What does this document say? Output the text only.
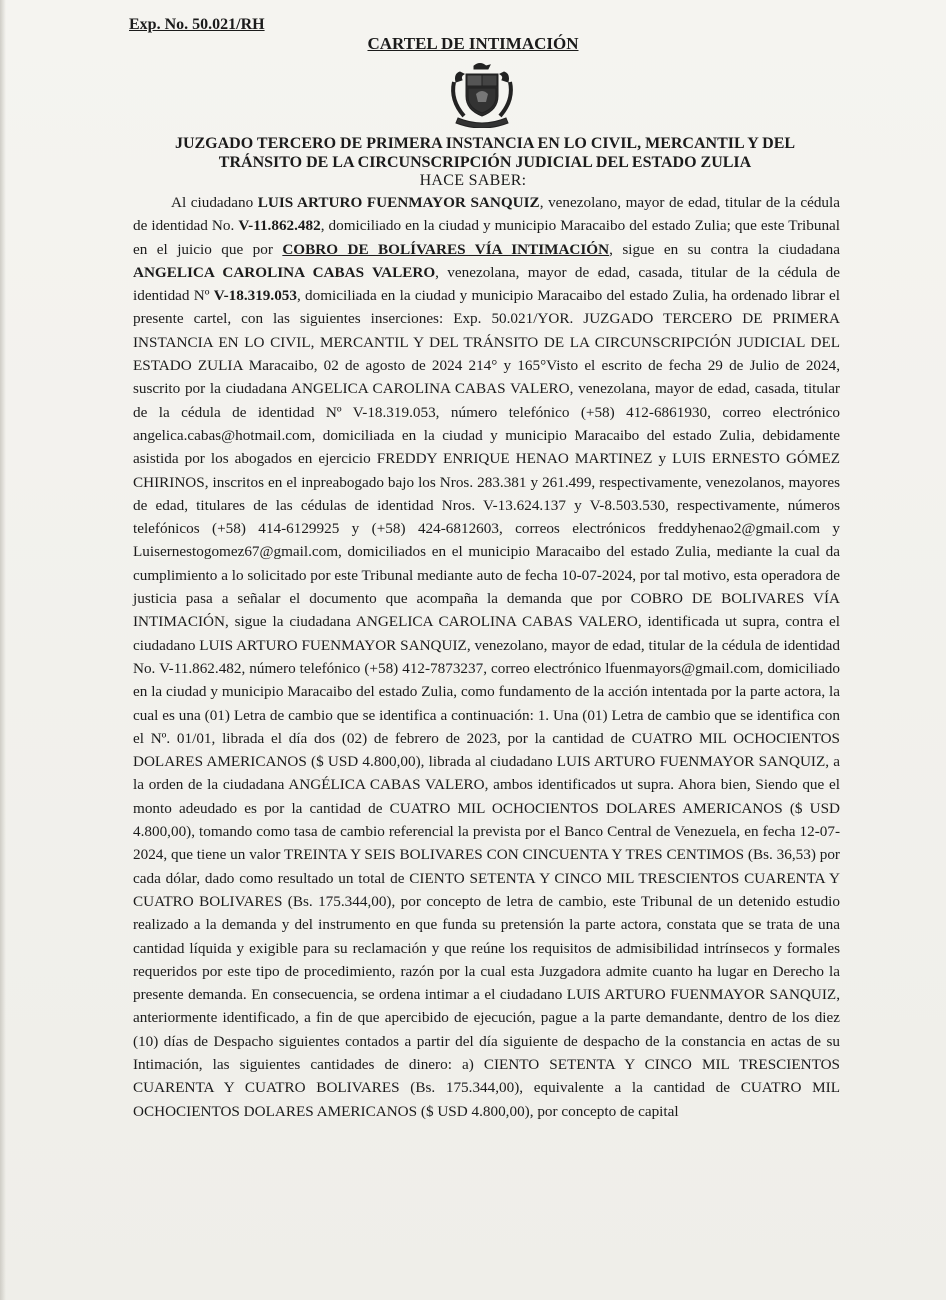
Exp. No. 50.021/RH
CARTEL DE INTIMACIÓN
JUZGADO TERCERO DE PRIMERA INSTANCIA EN LO CIVIL, MERCANTIL Y DEL
TRÁNSITO DE LA CIRCUNSCRIPCIÓN JUDICIAL DEL ESTADO ZULIA
HACE SABER:
Al ciudadano LUIS ARTURO FUENMAYOR SANQUIZ, venezolano, mayor de edad, titular de la cédula de identidad No. V-11.862.482, domiciliado en la ciudad y municipio Maracaibo del estado Zulia; que este Tribunal en el juicio que por COBRO DE BOLÍVARES VÍA INTIMACIÓN, sigue en su contra la ciudadana ANGELICA CAROLINA CABAS VALERO, venezolana, mayor de edad, casada, titular de la cédula de identidad Nº V-18.319.053, domiciliada en la ciudad y municipio Maracaibo del estado Zulia, ha ordenado librar el presente cartel, con las siguientes inserciones: Exp. 50.021/YOR. JUZGADO TERCERO DE PRIMERA INSTANCIA EN LO CIVIL, MERCANTIL Y DEL TRÁNSITO DE LA CIRCUNSCRIPCIÓN JUDICIAL DEL ESTADO ZULIA Maracaibo, 02 de agosto de 2024 214° y 165°Visto el escrito de fecha 29 de Julio de 2024, suscrito por la ciudadana ANGELICA CAROLINA CABAS VALERO, venezolana, mayor de edad, casada, titular de la cédula de identidad Nº V-18.319.053, número telefónico (+58) 412-6861930, correo electrónico angelica.cabas@hotmail.com, domiciliada en la ciudad y municipio Maracaibo del estado Zulia, debidamente asistida por los abogados en ejercicio FREDDY ENRIQUE HENAO MARTINEZ y LUIS ERNESTO GÓMEZ CHIRINOS, inscritos en el inpreabogado bajo los Nros. 283.381 y 261.499, respectivamente, venezolanos, mayores de edad, titulares de las cédulas de identidad Nros. V-13.624.137 y V-8.503.530, respectivamente, números telefónicos (+58) 414-6129925 y (+58) 424-6812603, correos electrónicos freddyhenao2@gmail.com y Luisernestogomez67@gmail.com, domiciliados en el municipio Maracaibo del estado Zulia, mediante la cual da cumplimiento a lo solicitado por este Tribunal mediante auto de fecha 10-07-2024, por tal motivo, esta operadora de justicia pasa a señalar el documento que acompaña la demanda que por COBRO DE BOLIVARES VÍA INTIMACIÓN, sigue la ciudadana ANGELICA CAROLINA CABAS VALERO, identificada ut supra, contra el ciudadano LUIS ARTURO FUENMAYOR SANQUIZ, venezolano, mayor de edad, titular de la cédula de identidad No. V-11.862.482, número telefónico (+58) 412-7873237, correo electrónico lfuenmayors@gmail.com, domiciliado en la ciudad y municipio Maracaibo del estado Zulia, como fundamento de la acción intentada por la parte actora, la cual es una (01) Letra de cambio que se identifica a continuación: 1. Una (01) Letra de cambio que se identifica con el Nº. 01/01, librada el día dos (02) de febrero de 2023, por la cantidad de CUATRO MIL OCHOCIENTOS DOLARES AMERICANOS ($ USD 4.800,00), librada al ciudadano LUIS ARTURO FUENMAYOR SANQUIZ, a la orden de la ciudadana ANGÉLICA CABAS VALERO, ambos identificados ut supra. Ahora bien, Siendo que el monto adeudado es por la cantidad de CUATRO MIL OCHOCIENTOS DOLARES AMERICANOS ($ USD 4.800,00), tomando como tasa de cambio referencial la prevista por el Banco Central de Venezuela, en fecha 12-07-2024, que tiene un valor TREINTA Y SEIS BOLIVARES CON CINCUENTA Y TRES CENTIMOS (Bs. 36,53) por cada dólar, dado como resultado un total de CIENTO SETENTA Y CINCO MIL TRESCIENTOS CUARENTA Y CUATRO BOLIVARES (Bs. 175.344,00), por concepto de letra de cambio, este Tribunal de un detenido estudio realizado a la demanda y del instrumento en que funda su pretensión la parte actora, constata que se trata de una cantidad líquida y exigible para su reclamación y que reúne los requisitos de admisibilidad intrínsecos y formales requeridos por este tipo de procedimiento, razón por la cual esta Juzgadora admite cuanto ha lugar en Derecho la presente demanda. En consecuencia, se ordena intimar a el ciudadano LUIS ARTURO FUENMAYOR SANQUIZ, anteriormente identificado, a fin de que apercibido de ejecución, pague a la parte demandante, dentro de los diez (10) días de Despacho siguientes contados a partir del día siguiente de despacho de la constancia en actas de su Intimación, las siguientes cantidades de dinero: a) CIENTO SETENTA Y CINCO MIL TRESCIENTOS CUARENTA Y CUATRO BOLIVARES (Bs. 175.344,00), equivalente a la cantidad de CUATRO MIL OCHOCIENTOS DOLARES AMERICANOS ($ USD 4.800,00), por concepto de capital
